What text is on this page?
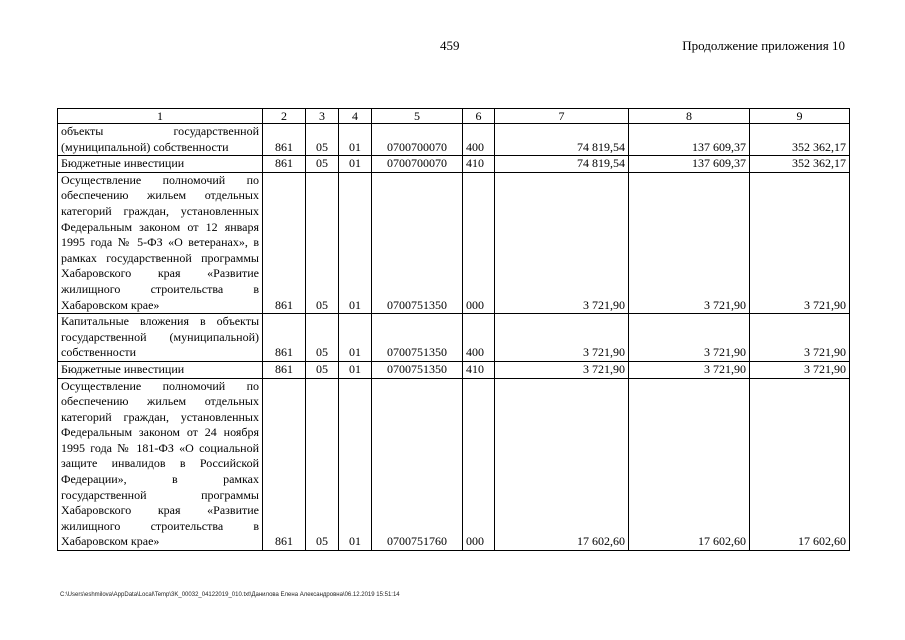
459	Продолжение приложения 10
1	2	3	4	5	6	7	8	9
объекты государственной (муниципальной) собственности	861	05	01	0700700070	400	74 819,54	137 609,37	352 362,17
Бюджетные инвестиции	861	05	01	0700700070	410	74 819,54	137 609,37	352 362,17
Осуществление полномочий по обеспечению жильем отдельных категорий граждан, установленных Федеральным законом от 12 января 1995 года № 5-ФЗ «О ветеранах», в рамках государственной программы Хабаровского края «Развитие жилищного строительства в Хабаровском крае»	861	05	01	0700751350	000	3 721,90	3 721,90	3 721,90
Капитальные вложения в объекты государственной (муниципальной) собственности	861	05	01	0700751350	400	3 721,90	3 721,90	3 721,90
Бюджетные инвестиции	861	05	01	0700751350	410	3 721,90	3 721,90	3 721,90
Осуществление полномочий по обеспечению жильем отдельных категорий граждан, установленных Федеральным законом от 24 ноября 1995 года № 181-ФЗ «О социальной защите инвалидов в Российской Федерации», в рамках государственной программы Хабаровского края «Развитие жилищного строительства в Хабаровском крае»	861	05	01	0700751760	000	17 602,60	17 602,60	17 602,60
C:\Users\eshmilova\AppData\Local\Temp\3K_00032_04122019_010.txt\Данилова Елена Александровна\06.12.2019 15:51:14
